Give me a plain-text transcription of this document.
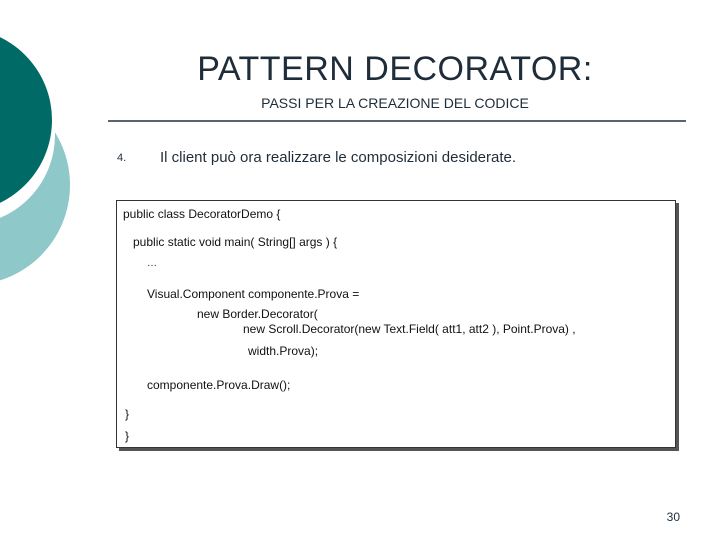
PATTERN DECORATOR:
PASSI PER LA CREAZIONE DEL CODICE
4. Il client può ora realizzare le composizioni desiderate.
public class DecoratorDemo {
public static void main( String[] args ) {
…
Visual.Component componente.Prova =
new Border.Decorator(
new Scroll.Decorator(new Text.Field( att1, att2 ), Point.Prova) ,
width.Prova);
componente.Prova.Draw();
}
}
30
